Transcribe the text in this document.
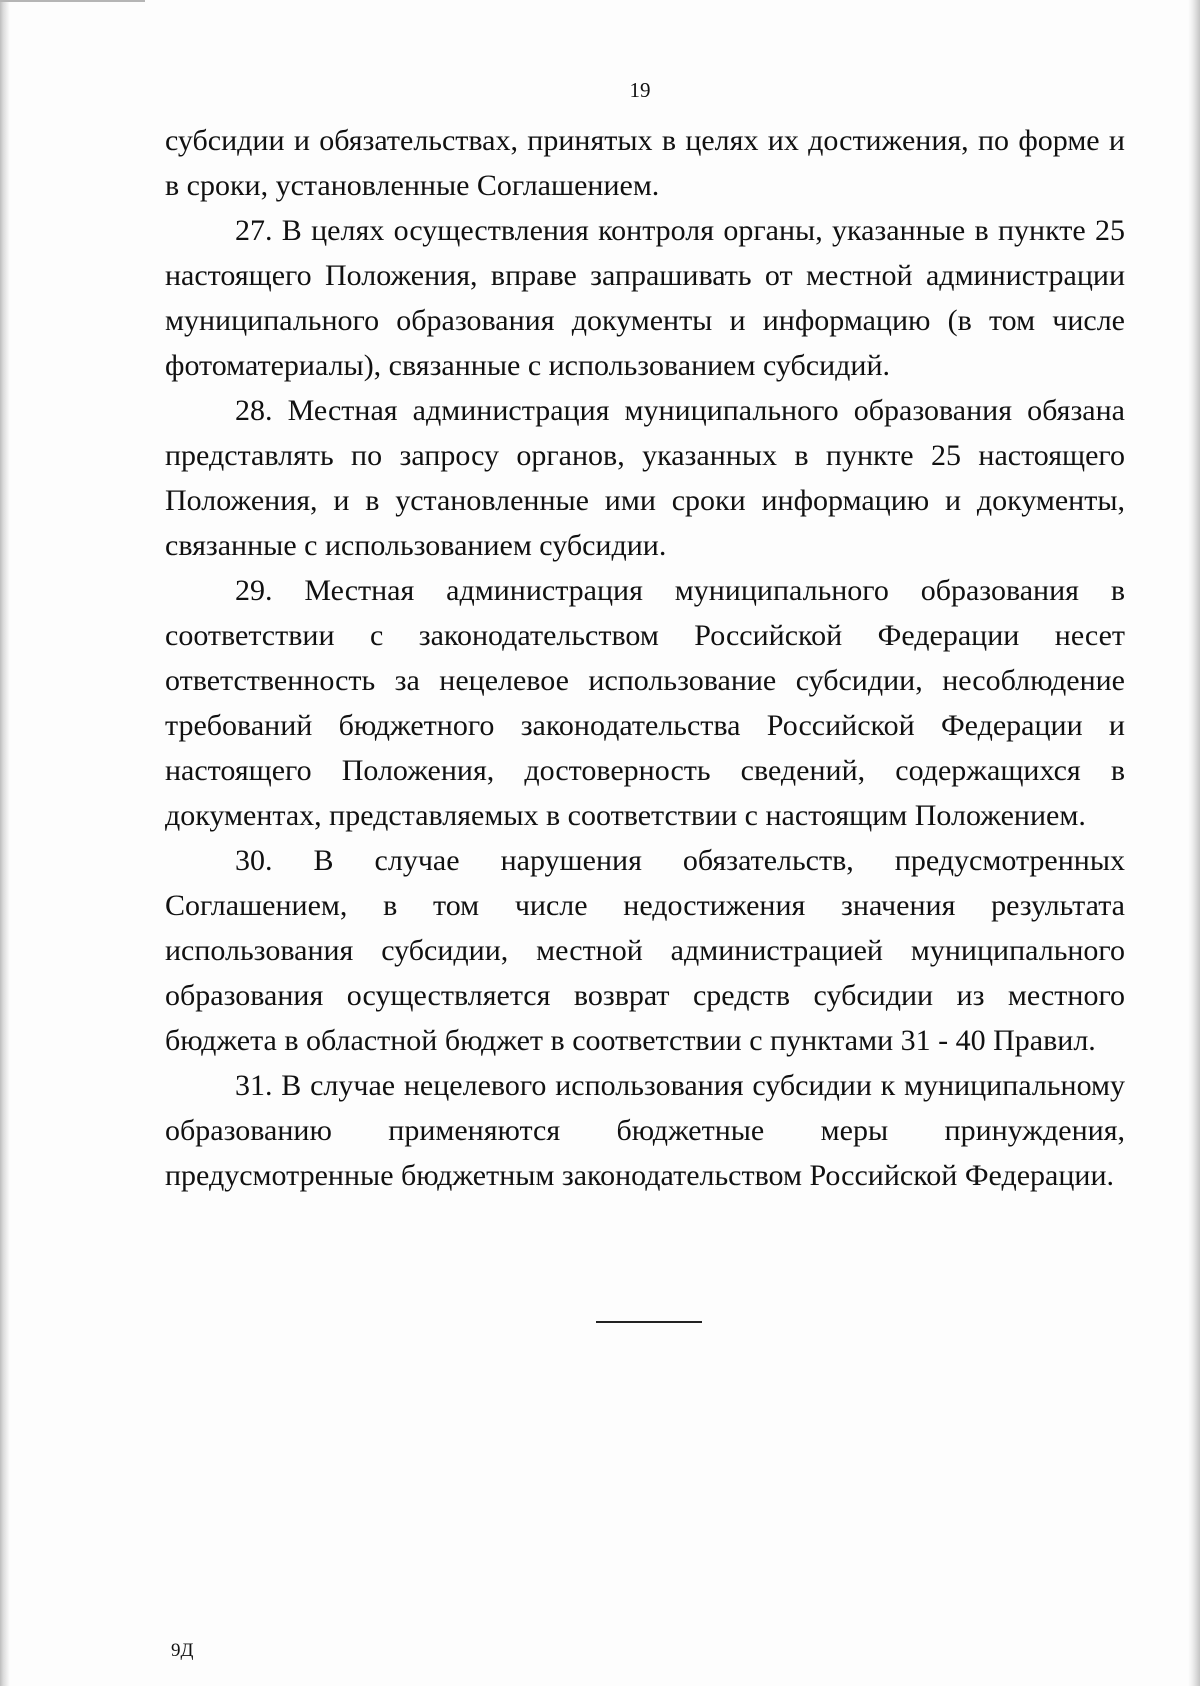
19

субсидии и обязательствах, принятых в целях их достижения, по форме и в сроки, установленные Соглашением.

27. В целях осуществления контроля органы, указанные в пункте 25 настоящего Положения, вправе запрашивать от местной администрации муниципального образования документы и информацию (в том числе фотоматериалы), связанные с использованием субсидий.

28. Местная администрация муниципального образования обязана представлять по запросу органов, указанных в пункте 25 настоящего Положения, и в установленные ими сроки информацию и документы, связанные с использованием субсидии.

29. Местная администрация муниципального образования в соответствии с законодательством Российской Федерации несет ответственность за нецелевое использование субсидии, несоблюдение требований бюджетного законодательства Российской Федерации и настоящего Положения, достоверность сведений, содержащихся в документах, представляемых в соответствии с настоящим Положением.

30. В случае нарушения обязательств, предусмотренных Соглашением, в том числе недостижения значения результата использования субсидии, местной администрацией муниципального образования осуществляется возврат средств субсидии из местного бюджета в областной бюджет в соответствии с пунктами 31 - 40 Правил.

31. В случае нецелевого использования субсидии к муниципальному образованию применяются бюджетные меры принуждения, предусмотренные бюджетным законодательством Российской Федерации.

9Д
